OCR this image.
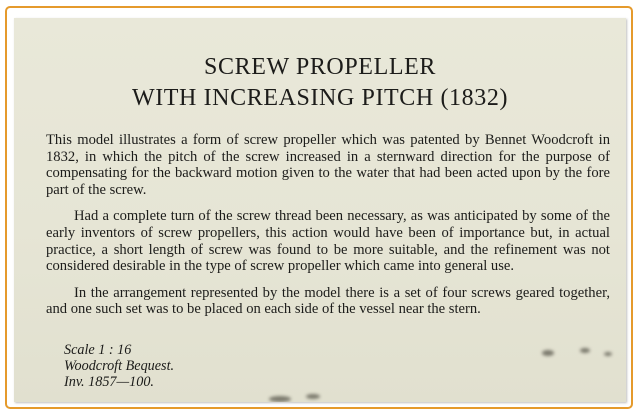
SCREW PROPELLER
WITH INCREASING PITCH (1832)

This model illustrates a form of screw propeller which was patented by Bennet Woodcroft in 1832, in which the pitch of the screw increased in a sternward direction for the purpose of compensating for the backward motion given to the water that had been acted upon by the fore part of the screw.

Had a complete turn of the screw thread been necessary, as was anticipated by some of the early inventors of screw propellers, this action would have been of importance but, in actual practice, a short length of screw was found to be more suitable, and the refinement was not considered desirable in the type of screw propeller which came into general use.

In the arrangement represented by the model there is a set of four screws geared together, and one such set was to be placed on each side of the vessel near the stern.

Scale 1 : 16
Woodcroft Bequest.
Inv. 1857—100.
